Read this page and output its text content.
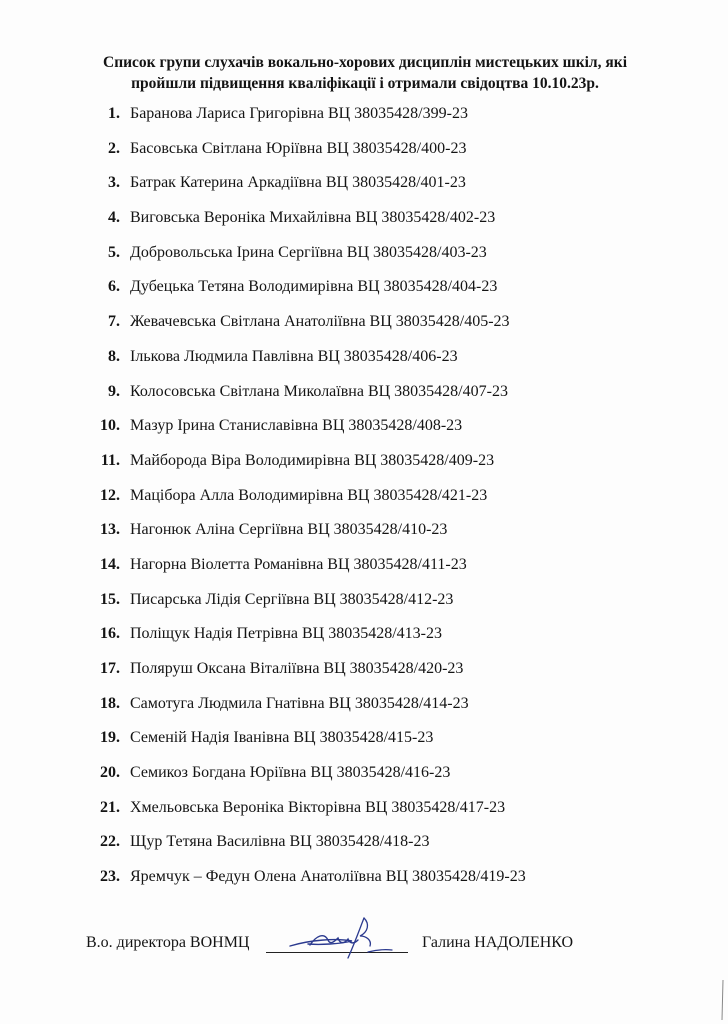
Список групи слухачів вокально-хорових дисциплін мистецьких шкіл, які
пройшли підвищення кваліфікації і отримали свідоцтва 10.10.23р.
1. Баранова Лариса Григорівна ВЦ 38035428/399-23
2. Басовська Світлана Юріївна ВЦ 38035428/400-23
3. Батрак Катерина Аркадіївна ВЦ 38035428/401-23
4. Виговська Вероніка Михайлівна ВЦ 38035428/402-23
5. Добровольська Ірина Сергіївна ВЦ 38035428/403-23
6. Дубецька Тетяна Володимирівна ВЦ 38035428/404-23
7. Жевачевська Світлана Анатоліївна ВЦ 38035428/405-23
8. Ількова Людмила Павлівна ВЦ 38035428/406-23
9. Колосовська Світлана Миколаївна ВЦ 38035428/407-23
10. Мазур Ірина Станиславівна ВЦ 38035428/408-23
11. Майборода Віра Володимирівна ВЦ 38035428/409-23
12. Мацібора Алла Володимирівна ВЦ 38035428/421-23
13. Нагонюк Аліна Сергіївна ВЦ 38035428/410-23
14. Нагорна Віолетта Романівна ВЦ 38035428/411-23
15. Писарська Лідія Сергіївна ВЦ 38035428/412-23
16. Поліщук Надія Петрівна ВЦ 38035428/413-23
17. Поляруш Оксана Віталіївна ВЦ 38035428/420-23
18. Самотуга Людмила Гнатівна ВЦ 38035428/414-23
19. Семеній Надія Іванівна ВЦ 38035428/415-23
20. Семикоз Богдана Юріївна ВЦ 38035428/416-23
21. Хмельовська Вероніка Вікторівна ВЦ 38035428/417-23
22. Щур Тетяна Василівна ВЦ 38035428/418-23
23. Яремчук – Федун Олена Анатоліївна ВЦ 38035428/419-23
В.о. директора ВОНМЦ	Галина НАДОЛЕНКО
